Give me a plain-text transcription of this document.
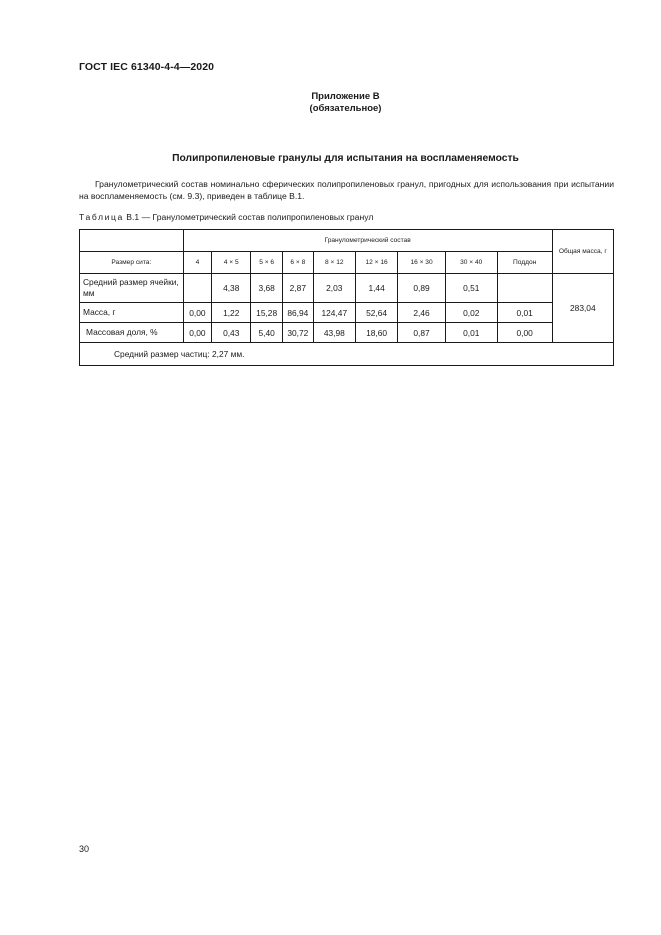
ГОСТ IEC 61340-4-4—2020
Приложение B
(обязательное)
Полипропиленовые гранулы для испытания на воспламеняемость
Гранулометрический состав номинально сферических полипропиленовых гранул, пригодных для использования при испытании на воспламеняемость (см. 9.3), приведен в таблице B.1.
Таблица B.1 — Гранулометрический состав полипропиленовых гранул
	Гранулометрический состав									Общая масса, г
Размер сита:	4	4 × 5	5 × 6	6 × 8	8 × 12	12 × 16	16 × 30	30 × 40	Поддон	
Средний размер ячейки, мм		4,38	3,68	2,87	2,03	1,44	0,89	0,51		283,04
Масса, г	0,00	1,22	15,28	86,94	124,47	52,64	2,46	0,02	0,01	
Массовая доля, %	0,00	0,43	5,40	30,72	43,98	18,60	0,87	0,01	0,00	
Средний размер частиц: 2,27 мм.										
30
